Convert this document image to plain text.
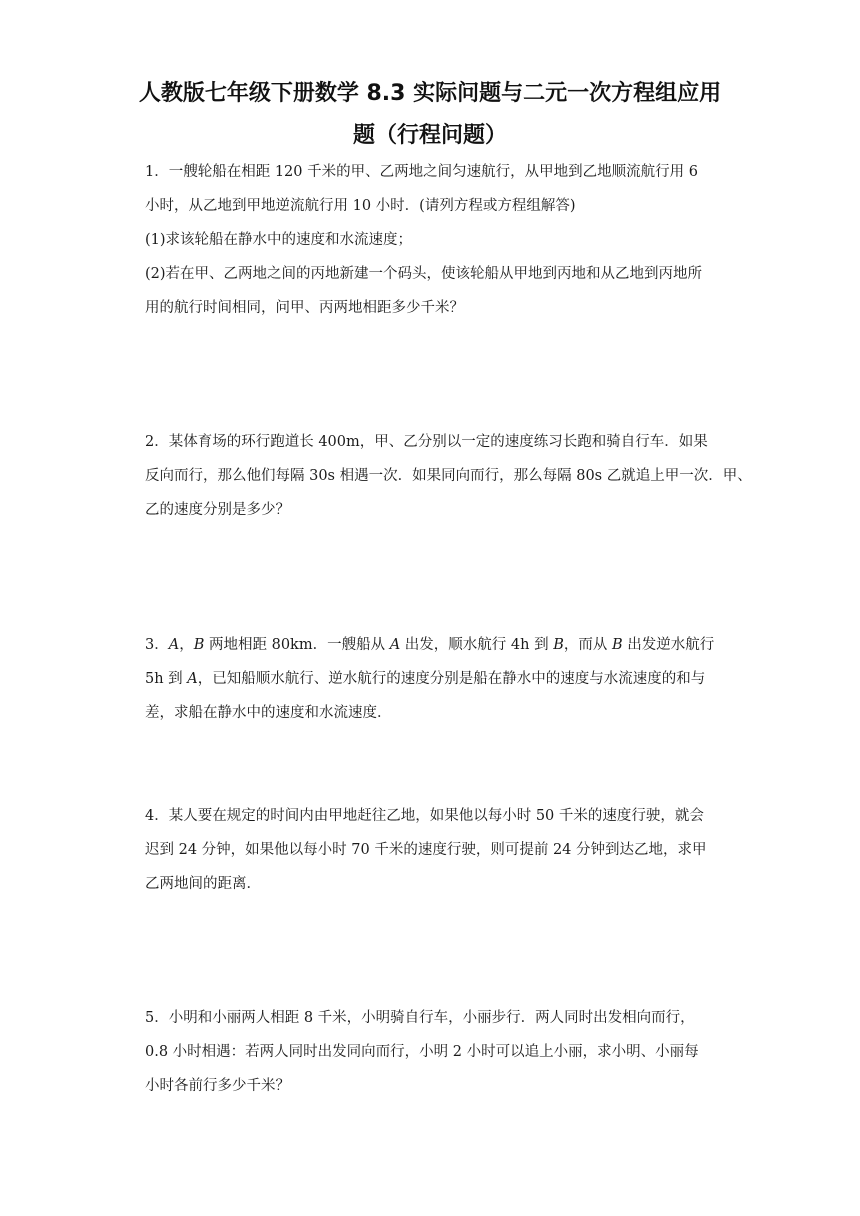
人教版七年级下册数学 8.3 实际问题与二元一次方程组应用
题（行程问题）
1．一艘轮船在相距 120 千米的甲、乙两地之间匀速航行，从甲地到乙地顺流航行用 6
小时，从乙地到甲地逆流航行用 10 小时．(请列方程或方程组解答)
(1)求该轮船在静水中的速度和水流速度；
(2)若在甲、乙两地之间的丙地新建一个码头，使该轮船从甲地到丙地和从乙地到丙地所
用的航行时间相同，问甲、丙两地相距多少千米？
2．某体育场的环行跑道长 400m，甲、乙分别以一定的速度练习长跑和骑自行车．如果
反向而行，那么他们每隔 30s 相遇一次．如果同向而行，那么每隔 80s 乙就追上甲一次．甲、
乙的速度分别是多少？
3．A，B 两地相距 80km．一艘船从 A 出发，顺水航行 4h 到 B，而从 B 出发逆水航行
5h 到 A，已知船顺水航行、逆水航行的速度分别是船在静水中的速度与水流速度的和与
差，求船在静水中的速度和水流速度．
4．某人要在规定的时间内由甲地赶往乙地，如果他以每小时 50 千米的速度行驶，就会
迟到 24 分钟，如果他以每小时 70 千米的速度行驶，则可提前 24 分钟到达乙地，求甲
乙两地间的距离．
5．小明和小丽两人相距 8 千米，小明骑自行车，小丽步行．两人同时出发相向而行，
0.8 小时相遇：若两人同时出发同向而行，小明 2 小时可以追上小丽，求小明、小丽每
小时各前行多少千米？
